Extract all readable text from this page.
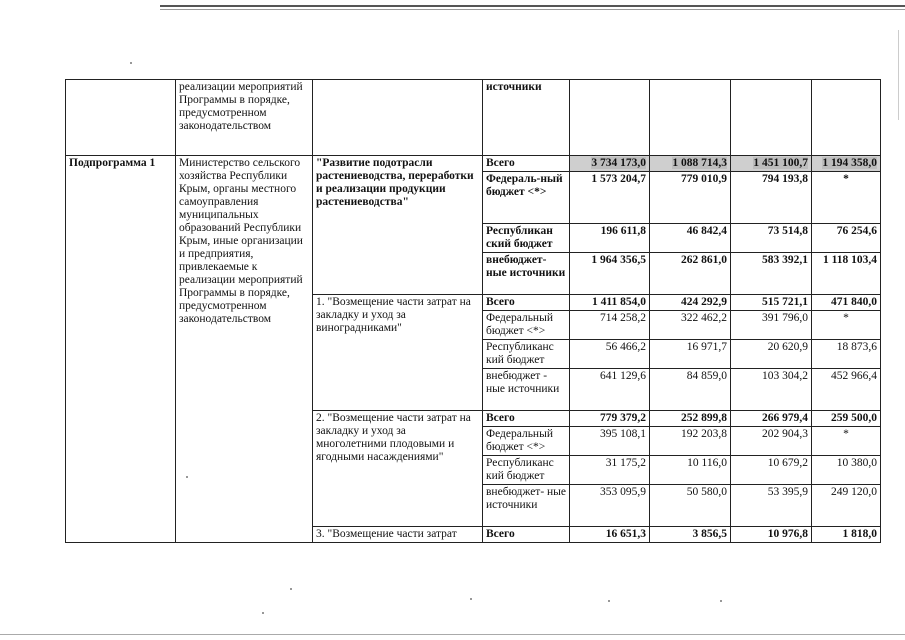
	реализации мероприятий Программы в порядке, предусмотренном законодательством		источники				
Подпрограмма 1	Министерство сельского хозяйства Республики Крым, органы местного самоуправления муниципальных образований Республики Крым, иные организации и предприятия, привлекаемые к реализации мероприятий Программы в порядке, предусмотренном законодательством	"Развитие подотрасли растениеводства, переработки и реализации продукции растениеводства"	Всего	3 734 173,0	1 088 714,3	1 451 100,7	1 194 358,0
			Федераль-ный бюджет <*>	1 573 204,7	779 010,9	794 193,8	*
			Республикан ский бюджет	196 611,8	46 842,4	73 514,8	76 254,6
			внебюджет-ные источники	1 964 356,5	262 861,0	583 392,1	1 118 103,4
		1. "Возмещение части затрат на закладку и уход за виноградниками"	Всего	1 411 854,0	424 292,9	515 721,1	471 840,0
			Федеральный бюджет <*>	714 258,2	322 462,2	391 796,0	*
			Республиканс кий бюджет	56 466,2	16 971,7	20 620,9	18 873,6
			внебюджет - ные источники	641 129,6	84 859,0	103 304,2	452 966,4
		2. "Возмещение части затрат на закладку и уход за многолетними плодовыми и ягодными насаждениями"	Всего	779 379,2	252 899,8	266 979,4	259 500,0
			Федеральный бюджет <*>	395 108,1	192 203,8	202 904,3	*
			Республиканс кий бюджет	31 175,2	10 116,0	10 679,2	10 380,0
			внебюджет- ные источники	353 095,9	50 580,0	53 395,9	249 120,0
		3. "Возмещение части затрат	Всего	16 651,3	3 856,5	10 976,8	1 818,0
